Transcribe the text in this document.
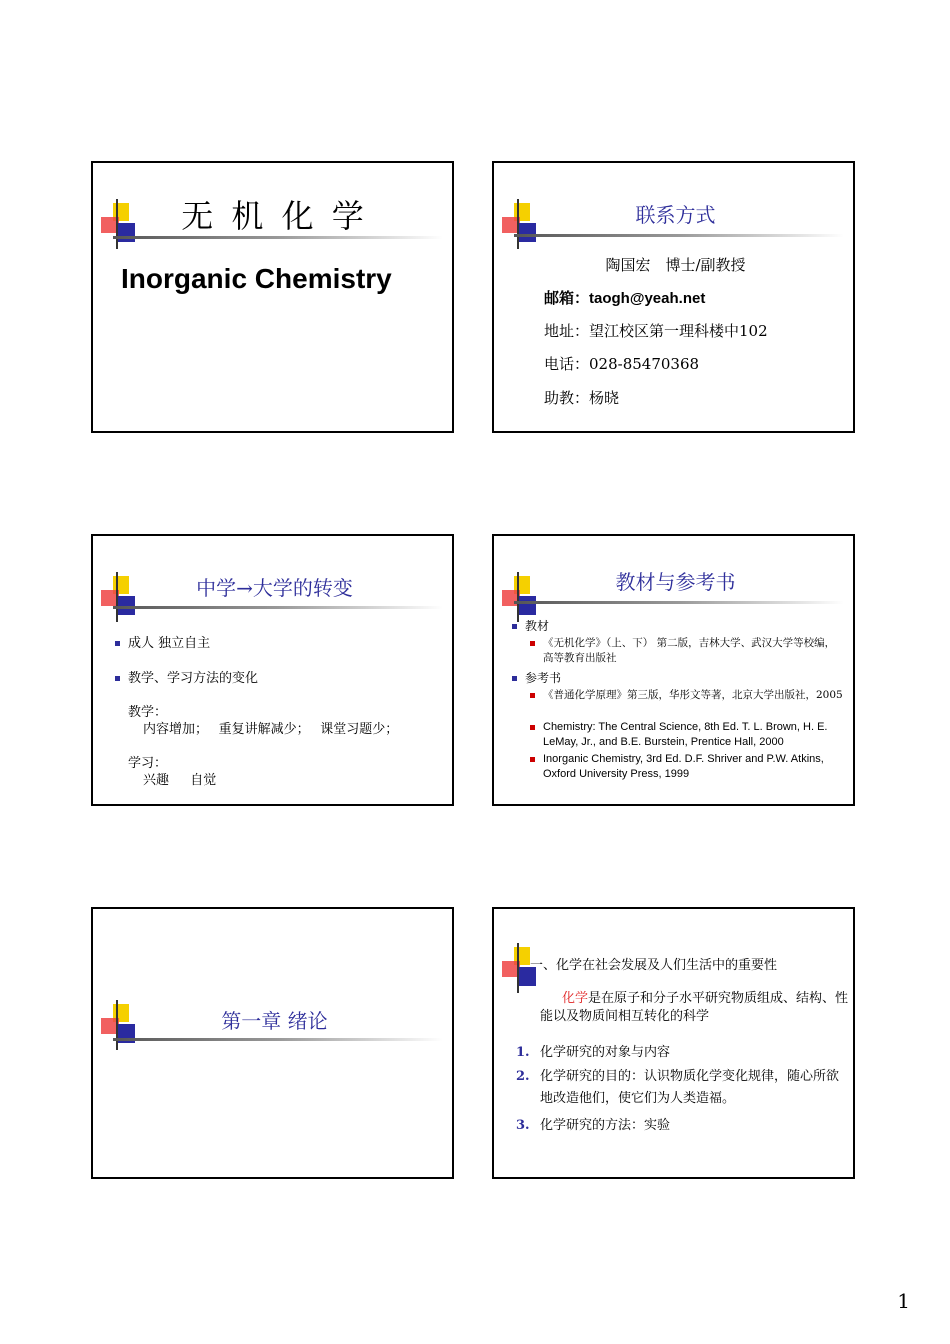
无 机 化 学
Inorganic Chemistry
联系方式
陶国宏　博士/副教授
邮箱：taogh@yeah.net
地址：望江校区第一理科楼中102
电话：028-85470368
助教：杨晓
中学→大学的转变
成人 独立自主
教学、学习方法的变化
教学：
内容增加；　 重复讲解减少；　 课堂习题少；
学习：
兴趣　  自觉
教材与参考书
教材
《无机化学》（上、下） 第二版，吉林大学、武汉大学等校编，高等教育出版社
参考书
《普通化学原理》第三版，华彤文等著，北京大学出版社，2005
Chemistry: The Central Science, 8th Ed. T. L. Brown, H. E. LeMay, Jr., and B.E. Burstein, Prentice Hall, 2000
Inorganic Chemistry, 3rd Ed. D.F. Shriver and P.W. Atkins, Oxford University Press, 1999
第一章 绪论
一、化学在社会发展及人们生活中的重要性
化学是在原子和分子水平研究物质组成、结构、性能以及物质间相互转化的科学
1. 化学研究的对象与内容
2. 化学研究的目的：认识物质化学变化规律，随心所欲地改造他们，使它们为人类造福。
3. 化学研究的方法：实验
1
